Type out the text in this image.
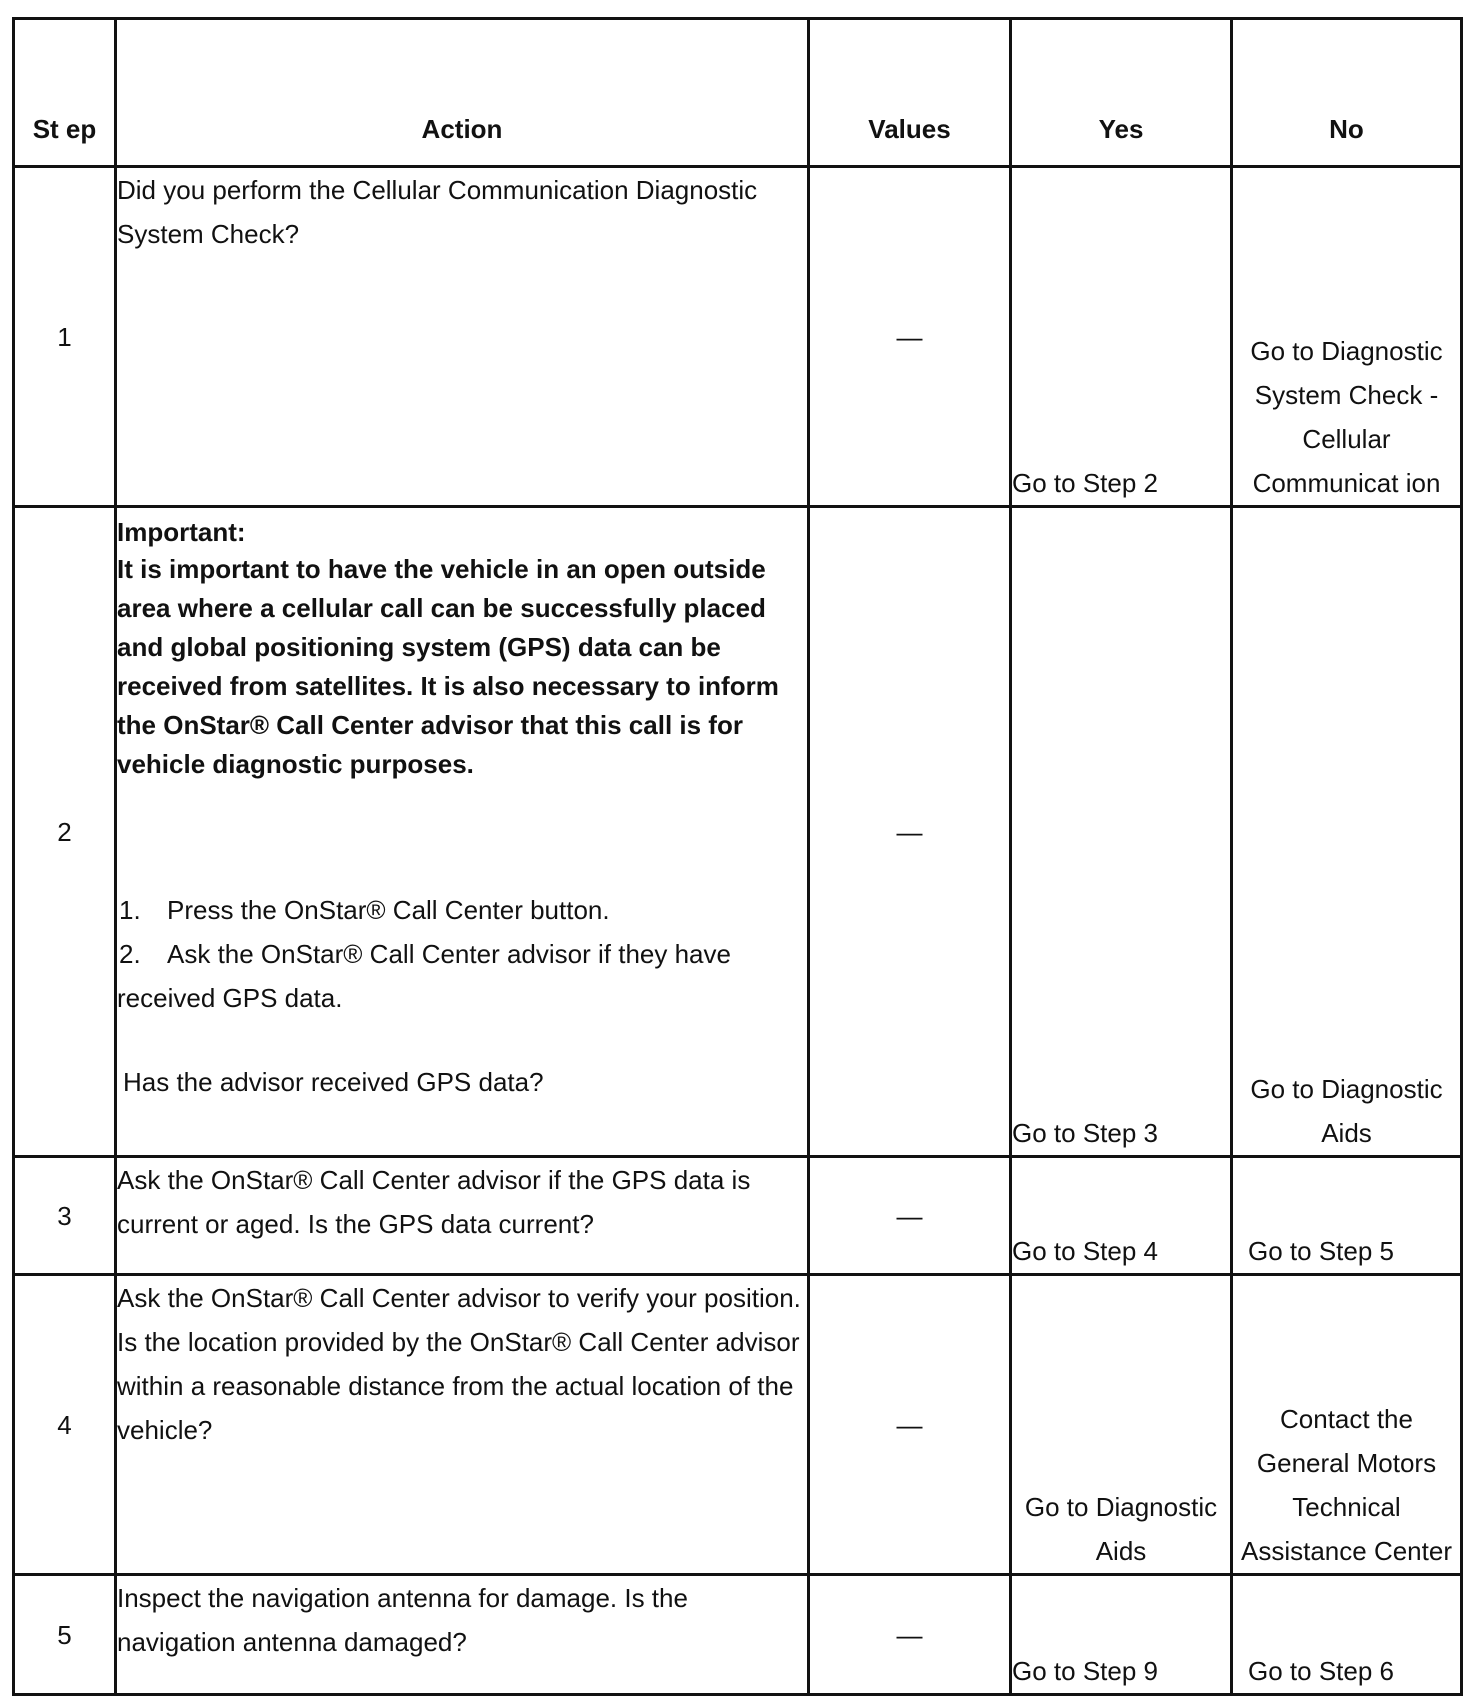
St ep	Action	Values	Yes	No
1	Did you perform the Cellular Communication Diagnostic System Check?	—	Go to Step 2	Go to Diagnostic System Check - Cellular Communicat ion
2	Important:
It is important to have the vehicle in an open outside area where a cellular call can be successfully placed and global positioning system (GPS) data can be received from satellites. It is also necessary to inform the OnStar® Call Center advisor that this call is for vehicle diagnostic purposes.
1. Press the OnStar® Call Center button.
2. Ask the OnStar® Call Center advisor if they have received GPS data.
Has the advisor received GPS data?	—	Go to Step 3	Go to Diagnostic Aids
3	Ask the OnStar® Call Center advisor if the GPS data is current or aged. Is the GPS data current?	—	Go to Step 4	Go to Step 5
4	Ask the OnStar® Call Center advisor to verify your position. Is the location provided by the OnStar® Call Center advisor within a reasonable distance from the actual location of the vehicle?	—	Go to Diagnostic Aids	Contact the General Motors Technical Assistance Center
5	Inspect the navigation antenna for damage. Is the navigation antenna damaged?	—	Go to Step 9	Go to Step 6
